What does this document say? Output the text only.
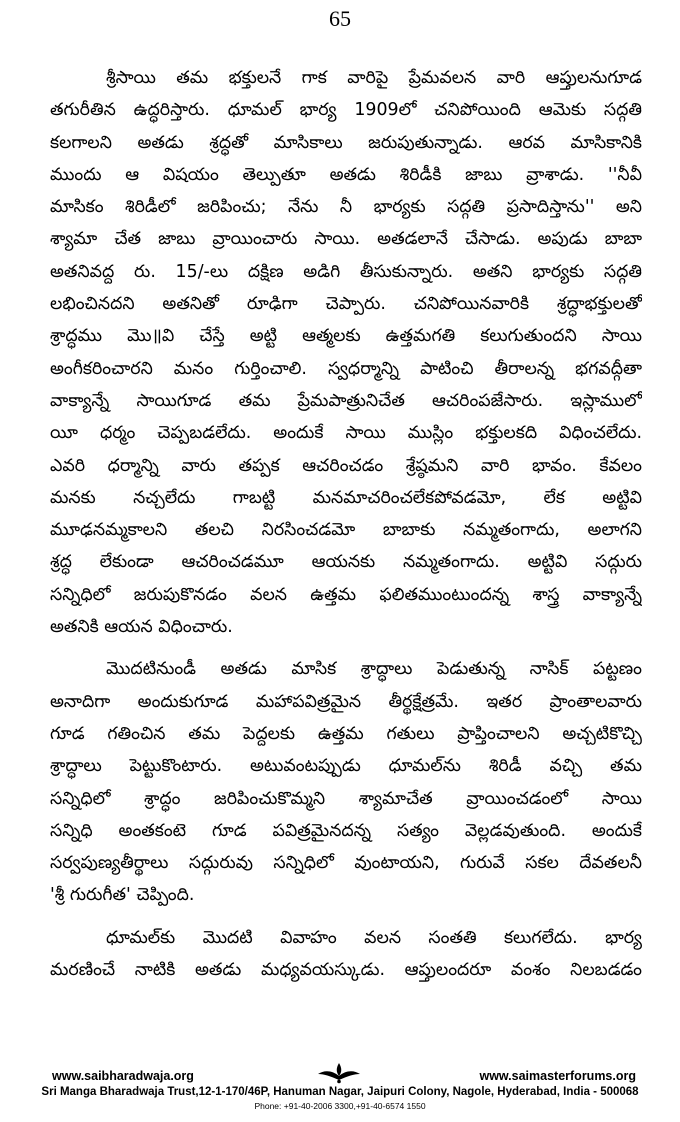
65

శ్రీసాయి తమ భక్తులనే గాక వారిపై ప్రేమవలన వారి ఆప్తులనుగూడ
తగురీతిన ఉద్ధరిస్తారు. ధూమల్ భార్య 1909లో చనిపోయింది ఆమెకు సద్గతి
కలగాలని అతడు శ్రద్ధతో మాసికాలు జరుపుతున్నాడు. ఆరవ మాసికానికి
ముందు ఆ విషయం తెల్పుతూ అతడు శిరిడీకి జాబు వ్రాశాడు. ''నీవీ
మాసికం శిరిడీలో జరిపించు; నేను నీ భార్యకు సద్గతి ప్రసాదిస్తాను'' అని
శ్యామా చేత జాబు వ్రాయించారు సాయి. అతడలానే చేసాడు. అపుడు బాబా
అతనివద్ద రు. 15/-లు దక్షిణ అడిగి తీసుకున్నారు. అతని భార్యకు సద్గతి
లభించినదని అతనితో రూఢిగా చెప్పారు. చనిపోయినవారికి శ్రద్ధాభక్తులతో
శ్రాద్ధము మొ॥వి చేస్తే అట్టి ఆత్మలకు ఉత్తమగతి కలుగుతుందని సాయి
అంగీకరించారని మనం గుర్తించాలి. స్వధర్మాన్ని పాటించి తీరాలన్న భగవద్గీతా
వాక్యాన్నే సాయిగూడ తమ ప్రేమపాత్రునిచేత ఆచరింపజేసారు. ఇస్లాములో
యీ ధర్మం చెప్పబడలేదు. అందుకే సాయి ముస్లిం భక్తులకది విధించలేదు.
ఎవరి ధర్మాన్ని వారు తప్పక ఆచరించడం శ్రేష్ఠమని వారి భావం. కేవలం
మనకు నచ్చలేదు గాబట్టి మనమాచరించలేకపోవడమో, లేక అట్టివి
మూఢనమ్మకాలని తలచి నిరసించడమో బాబాకు నమ్మతంగాదు, అలాగని
శ్రద్ధ లేకుండా ఆచరించడమూ ఆయనకు నమ్మతంగాదు. అట్టివి సద్గురు
సన్నిధిలో జరుపుకొనడం వలన ఉత్తమ ఫలితముంటుందన్న శాస్త్ర వాక్యాన్నే
అతనికి ఆయన విధించారు.

మొదటినుండీ అతడు మాసిక శ్రాద్ధాలు పెడుతున్న నాసిక్ పట్టణం
అనాదిగా అందుకుగూడ మహాపవిత్రమైన తీర్థక్షేత్రమే. ఇతర ప్రాంతాలవారు
గూడ గతించిన తమ పెద్దలకు ఉత్తమ గతులు ప్రాప్తించాలని అచ్చటికొచ్చి
శ్రాద్ధాలు పెట్టుకొంటారు. అటువంటప్పుడు ధూమల్‌ను శిరిడీ వచ్చి తమ
సన్నిధిలో శ్రాద్ధం జరిపించుకొమ్మని శ్యామాచేత వ్రాయించడంలో సాయి
సన్నిధి అంతకంటె గూడ పవిత్రమైనదన్న సత్యం వెల్లడవుతుంది. అందుకే
సర్వపుణ్యతీర్థాలు సద్గురువు సన్నిధిలో వుంటాయని, గురువే సకల దేవతలనీ
'శ్రీ గురుగీత' చెప్పింది.

ధూమల్‌కు మొదటి వివాహం వలన సంతతి కలుగలేదు. భార్య
మరణించే నాటికి అతడు మధ్యవయస్కుడు. ఆప్తులందరూ వంశం నిలబడడం

www.saibharadwaja.org	www.saimasterforums.org
Sri Manga Bharadwaja Trust,12-1-170/46P, Hanuman Nagar, Jaipuri Colony, Nagole, Hyderabad, India - 500068
Phone: +91-40-2006 3300,+91-40-6574 1550
